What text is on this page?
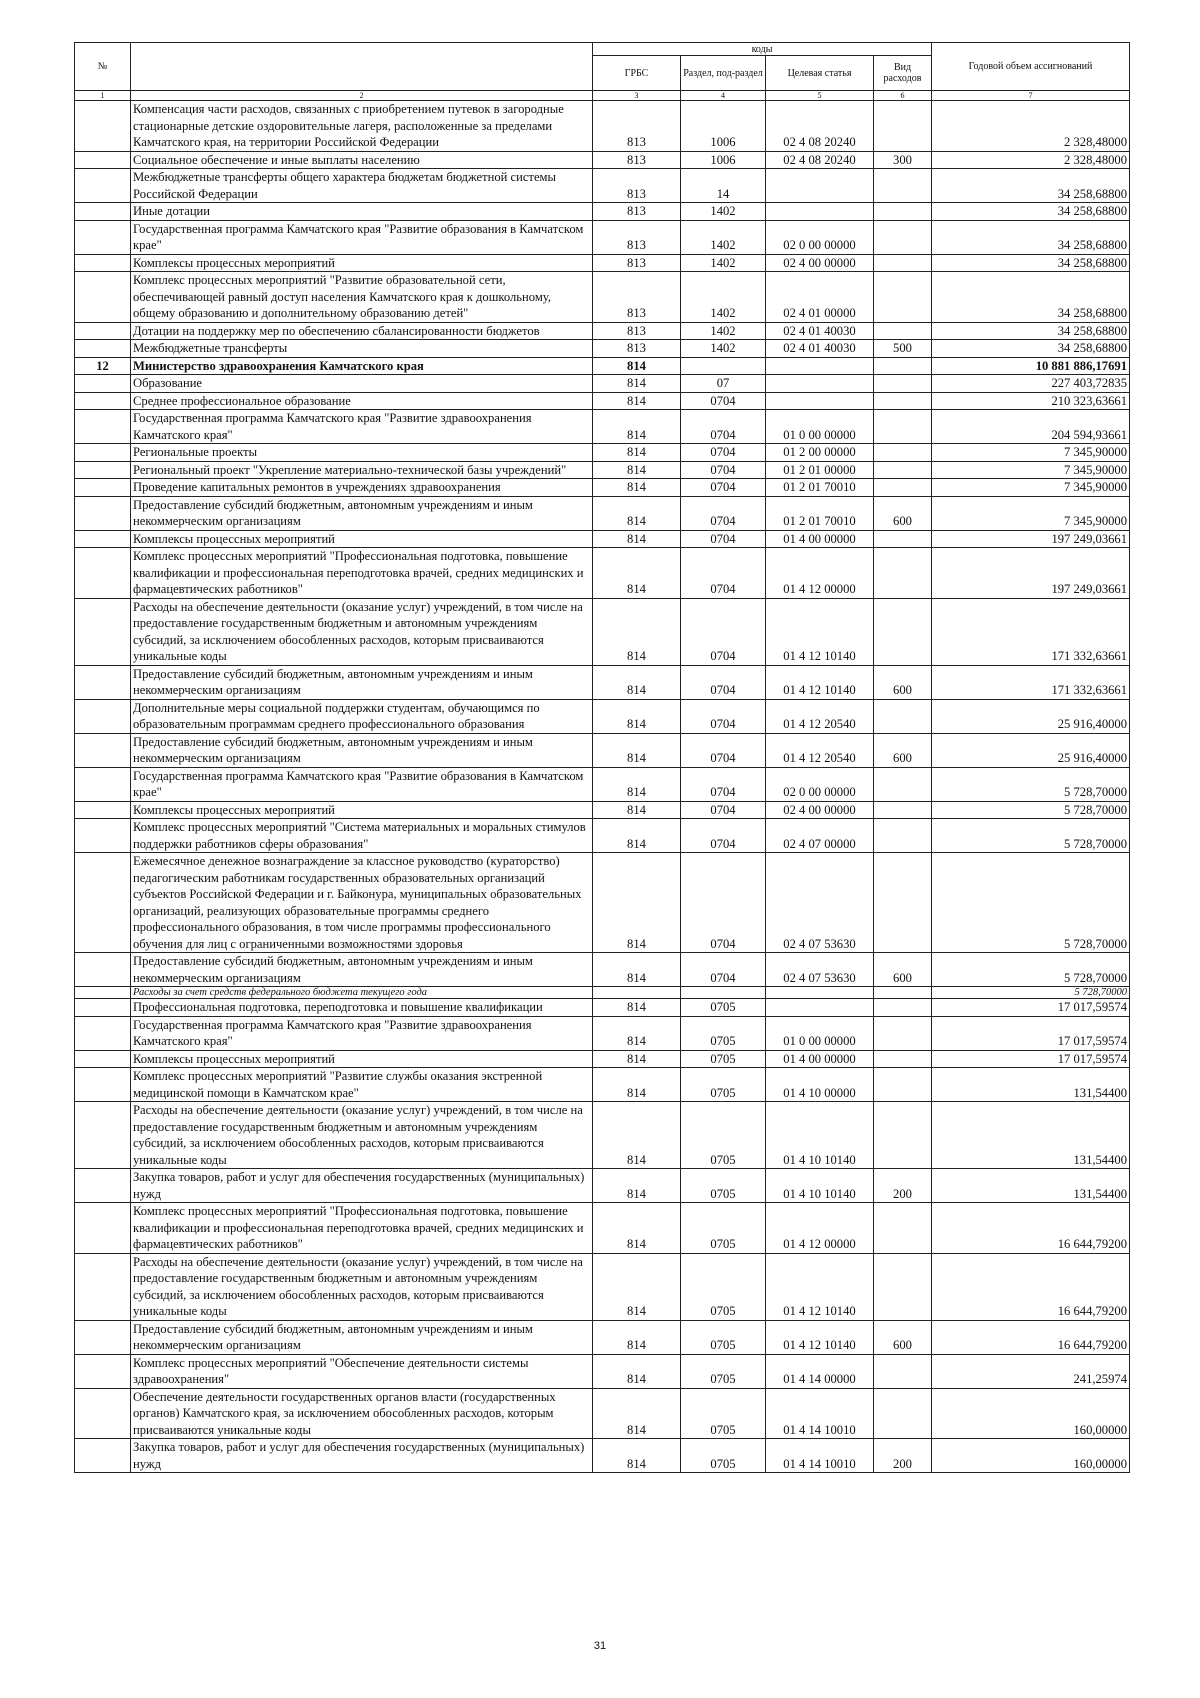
№		коды				Годовой объем ассигнований
		ГРБС	Раздел, под-раздел	Целевая статья	Вид расходов	
1	2	3	4	5	6	7
	Компенсация части расходов, связанных с приобретением путевок в загородные стационарные детские оздоровительные лагеря, расположенные за пределами Камчатского края, на территории Российской Федерации	813	1006	02 4 08 20240		2 328,48000
	Социальное обеспечение и иные выплаты населению	813	1006	02 4 08 20240	300	2 328,48000
	Межбюджетные трансферты общего характера бюджетам бюджетной системы Российской Федерации	813	14			34 258,68800
	Иные дотации	813	1402			34 258,68800
	Государственная программа Камчатского края "Развитие образования в Камчатском крае"	813	1402	02 0 00 00000		34 258,68800
	Комплексы процессных мероприятий	813	1402	02 4 00 00000		34 258,68800
	Комплекс процессных мероприятий "Развитие образовательной сети, обеспечивающей равный доступ населения Камчатского края к дошкольному, общему образованию и дополнительному образованию детей"	813	1402	02 4 01 00000		34 258,68800
	Дотации на поддержку мер по обеспечению сбалансированности бюджетов	813	1402	02 4 01 40030		34 258,68800
	Межбюджетные трансферты	813	1402	02 4 01 40030	500	34 258,68800
12	Министерство здравоохранения Камчатского края	814				10 881 886,17691
	Образование	814	07			227 403,72835
	Среднее профессиональное образование	814	0704			210 323,63661
	Государственная программа Камчатского края "Развитие здравоохранения Камчатского края"	814	0704	01 0 00 00000		204 594,93661
	Региональные проекты	814	0704	01 2 00 00000		7 345,90000
	Региональный проект "Укрепление материально-технической базы учреждений"	814	0704	01 2 01 00000		7 345,90000
	Проведение капитальных ремонтов в учреждениях здравоохранения	814	0704	01 2 01 70010		7 345,90000
	Предоставление субсидий бюджетным, автономным учреждениям и иным некоммерческим организациям	814	0704	01 2 01 70010	600	7 345,90000
	Комплексы процессных мероприятий	814	0704	01 4 00 00000		197 249,03661
	Комплекс процессных мероприятий "Профессиональная подготовка, повышение квалификации и профессиональная переподготовка врачей, средних медицинских и фармацевтических работников"	814	0704	01 4 12 00000		197 249,03661
	Расходы на обеспечение деятельности (оказание услуг) учреждений, в том числе на предоставление государственным бюджетным и автономным учреждениям субсидий, за исключением обособленных расходов, которым присваиваются уникальные коды	814	0704	01 4 12 10140		171 332,63661
	Предоставление субсидий бюджетным, автономным учреждениям и иным некоммерческим организациям	814	0704	01 4 12 10140	600	171 332,63661
	Дополнительные меры социальной поддержки студентам, обучающимся по образовательным программам среднего профессионального образования	814	0704	01 4 12 20540		25 916,40000
	Предоставление субсидий бюджетным, автономным учреждениям и иным некоммерческим организациям	814	0704	01 4 12 20540	600	25 916,40000
	Государственная программа Камчатского края "Развитие образования в Камчатском крае"	814	0704	02 0 00 00000		5 728,70000
	Комплексы процессных мероприятий	814	0704	02 4 00 00000		5 728,70000
	Комплекс процессных мероприятий "Система материальных и моральных стимулов поддержки работников сферы образования"	814	0704	02 4 07 00000		5 728,70000
	Ежемесячное денежное вознаграждение за классное руководство (кураторство) педагогическим работникам государственных образовательных организаций субъектов Российской Федерации и г. Байконура, муниципальных образовательных организаций, реализующих образовательные программы среднего профессионального образования, в том числе программы профессионального обучения для лиц с ограниченными возможностями здоровья	814	0704	02 4 07 53630		5 728,70000
	Предоставление субсидий бюджетным, автономным учреждениям и иным некоммерческим организациям	814	0704	02 4 07 53630	600	5 728,70000
	Расходы за счет средств федерального бюджета текущего года					5 728,70000
	Профессиональная подготовка, переподготовка и повышение квалификации	814	0705			17 017,59574
	Государственная программа Камчатского края "Развитие здравоохранения Камчатского края"	814	0705	01 0 00 00000		17 017,59574
	Комплексы процессных мероприятий	814	0705	01 4 00 00000		17 017,59574
	Комплекс процессных мероприятий "Развитие службы оказания экстренной медицинской помощи в Камчатском крае"	814	0705	01 4 10 00000		131,54400
	Расходы на обеспечение деятельности (оказание услуг) учреждений, в том числе на предоставление государственным бюджетным и автономным учреждениям субсидий, за исключением обособленных расходов, которым присваиваются уникальные коды	814	0705	01 4 10 10140		131,54400
	Закупка товаров, работ и услуг для обеспечения государственных (муниципальных) нужд	814	0705	01 4 10 10140	200	131,54400
	Комплекс процессных мероприятий "Профессиональная подготовка, повышение квалификации и профессиональная переподготовка врачей, средних медицинских и фармацевтических работников"	814	0705	01 4 12 00000		16 644,79200
	Расходы на обеспечение деятельности (оказание услуг) учреждений, в том числе на предоставление государственным бюджетным и автономным учреждениям субсидий, за исключением обособленных расходов, которым присваиваются уникальные коды	814	0705	01 4 12 10140		16 644,79200
	Предоставление субсидий бюджетным, автономным учреждениям и иным некоммерческим организациям	814	0705	01 4 12 10140	600	16 644,79200
	Комплекс процессных мероприятий "Обеспечение деятельности системы здравоохранения"	814	0705	01 4 14 00000		241,25974
	Обеспечение деятельности государственных органов власти (государственных органов) Камчатского края, за исключением обособленных расходов, которым присваиваются уникальные коды	814	0705	01 4 14 10010		160,00000
	Закупка товаров, работ и услуг для обеспечения государственных (муниципальных) нужд	814	0705	01 4 14 10010	200	160,00000
31
